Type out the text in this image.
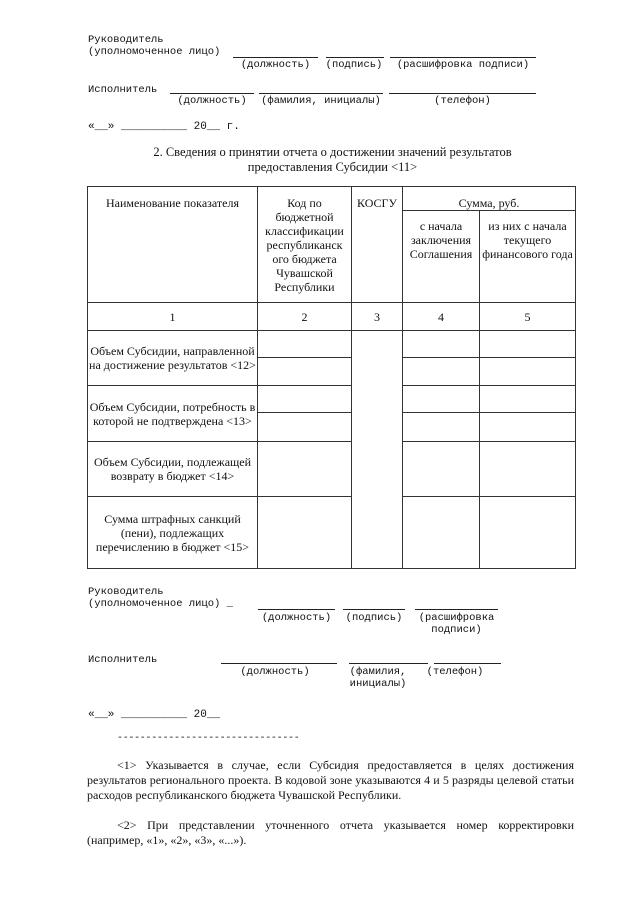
Руководитель
(уполномоченное лицо)
(должность)	(подпись)	(расшифровка подписи)
Исполнитель
(должность)	(фамилия, инициалы)	(телефон)
«__» __________ 20__ г.
2. Сведения о принятии отчета о достижении значений результатов
предоставления Субсидии <11>
Наименование показателя	Код по бюджетной классификации республиканск ого бюджета Чувашской Республики	КОСГУ	Сумма, руб.	
			с начала заключения Соглашения	из них с начала текущего финансового года
1	2	3	4	5
Объем Субсидии, направленной на достижение результатов <12>				

Объем Субсидии, потребность в которой не подтверждена <13>				

Объем Субсидии, подлежащей возврату в бюджет <14>				

Сумма штрафных санкций (пени), подлежащих перечислению в бюджет <15>				

Руководитель
(уполномоченное лицо) _
(должность)	(подпись)	(расшифровка
подписи)
Исполнитель
(должность)	(фамилия,
инициалы)
(телефон)
«__» __________ 20__
--------------------------------
<1> Указывается в случае, если Субсидия предоставляется в целях достижения результатов регионального проекта. В кодовой зоне указываются 4 и 5 разряды целевой статьи расходов республиканского бюджета Чувашской Республики.
<2> При представлении уточненного отчета указывается номер корректировки (например, «1», «2», «3», «...»).
